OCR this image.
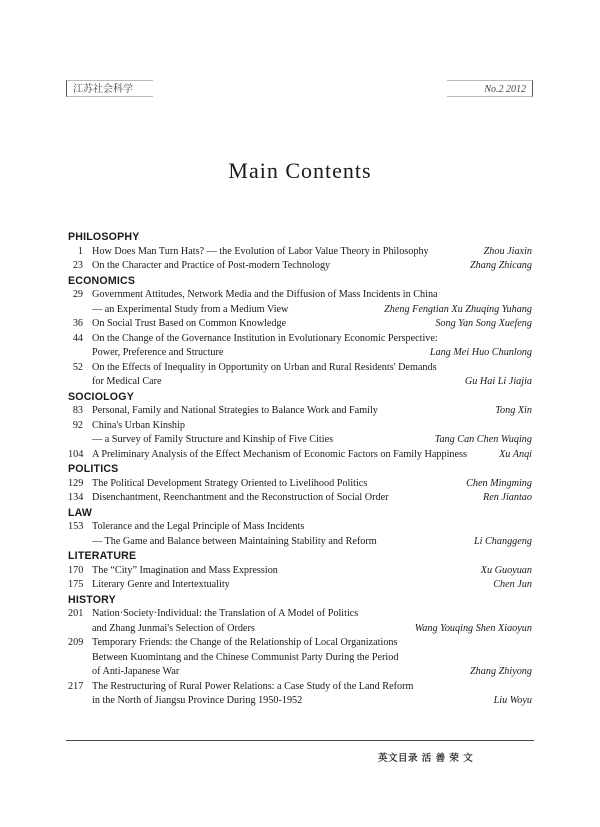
江苏社会科学	No.2 2012
Main Contents
PHILOSOPHY
1 How Does Man Turn Hats? — the Evolution of Labor Value Theory in Philosophy	Zhou Jiaxin
23 On the Character and Practice of Post-modern Technology	Zhang Zhicang
ECONOMICS
29 Government Attitudes, Network Media and the Diffusion of Mass Incidents in China
— an Experimental Study from a Medium View	Zheng Fengtian Xu Zhuqing Yuhang
36 On Social Trust Based on Common Knowledge	Song Yan Song Xuefeng
44 On the Change of the Governance Institution in Evolutionary Economic Perspective:
Power, Preference and Structure	Lang Mei Huo Chunlong
52 On the Effects of Inequality in Opportunity on Urban and Rural Residents' Demands
for Medical Care	Gu Hai Li Jiajia
SOCIOLOGY
83 Personal, Family and National Strategies to Balance Work and Family	Tong Xin
92 China's Urban Kinship
— a Survey of Family Structure and Kinship of Five Cities	Tang Can Chen Wuqing
104 A Preliminary Analysis of the Effect Mechanism of Economic Factors on Family Happiness	Xu Anqi
POLITICS
129 The Political Development Strategy Oriented to Livelihood Politics	Chen Mingming
134 Disenchantment, Reenchantment and the Reconstruction of Social Order	Ren Jiantao
LAW
153 Tolerance and the Legal Principle of Mass Incidents
— The Game and Balance between Maintaining Stability and Reform	Li Changgeng
LITERATURE
170 The “City” Imagination and Mass Expression	Xu Guoyuan
175 Literary Genre and Intertextuality	Chen Jun
HISTORY
201 Nation·Society·Individual: the Translation of A Model of Politics
and Zhang Junmai's Selection of Orders	Wang Youqing Shen Xiaoyun
209 Temporary Friends: the Change of the Relationship of Local Organizations
Between Kuomintang and the Chinese Communist Party During the Period
of Anti-Japanese War	Zhang Zhiyong
217 The Restructuring of Rural Power Relations: a Case Study of the Land Reform
in the North of Jiangsu Province During 1950-1952	Liu Woyu
英文目录 活 善 荣 文
